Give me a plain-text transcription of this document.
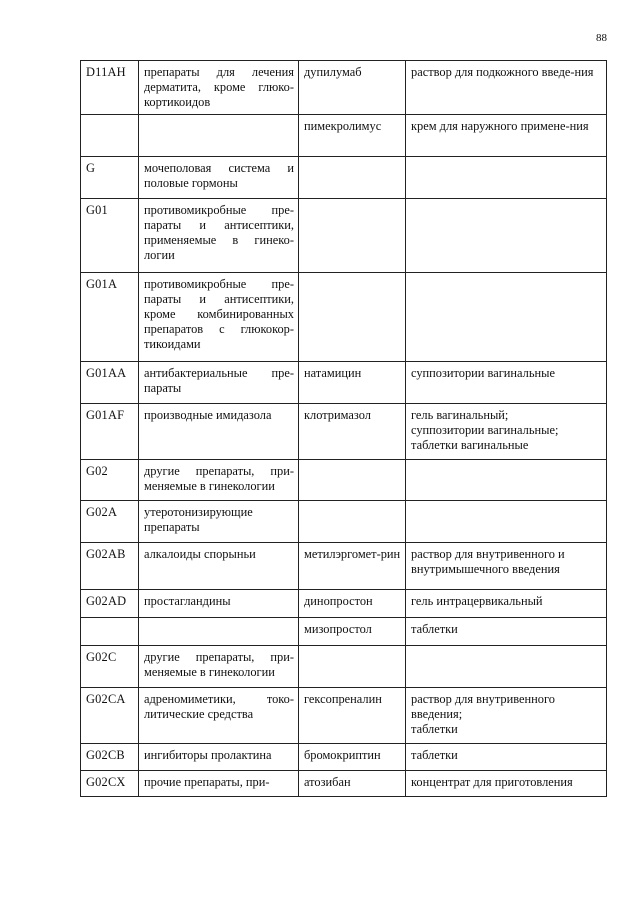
88
D11AH	препараты для лечения дерматита, кроме глюко-кортикоидов	дупилумаб	раствор для подкожного введе-ния
		пимекролимус	крем для наружного примене-ния
G	мочеполовая система и половые гормоны		
G01	противомикробные пре-параты и антисептики, применяемые в гинеко-логии		
G01A	противомикробные пре-параты и антисептики, кроме комбинированных препаратов с глюкокор-тикоидами		
G01AA	антибактериальные пре-параты	натамицин	суппозитории вагинальные
G01AF	производные имидазола	клотримазол	гель вагинальный;
суппозитории вагинальные;
таблетки вагинальные
G02	другие препараты, при-меняемые в гинекологии		
G02A	утеротонизирующие препараты		
G02AB	алкалоиды спорыньи	метилэргомет-рин	раствор для внутривенного и внутримышечного введения
G02AD	простагландины	динопростон	гель интрацервикальный
		мизопростол	таблетки
G02C	другие препараты, при-меняемые в гинекологии		
G02CA	адреномиметики, токо-литические средства	гексопреналин	раствор для внутривенного введения;
таблетки
G02CB	ингибиторы пролактина	бромокриптин	таблетки
G02CX	прочие препараты, при-	атозибан	концентрат для приготовления
